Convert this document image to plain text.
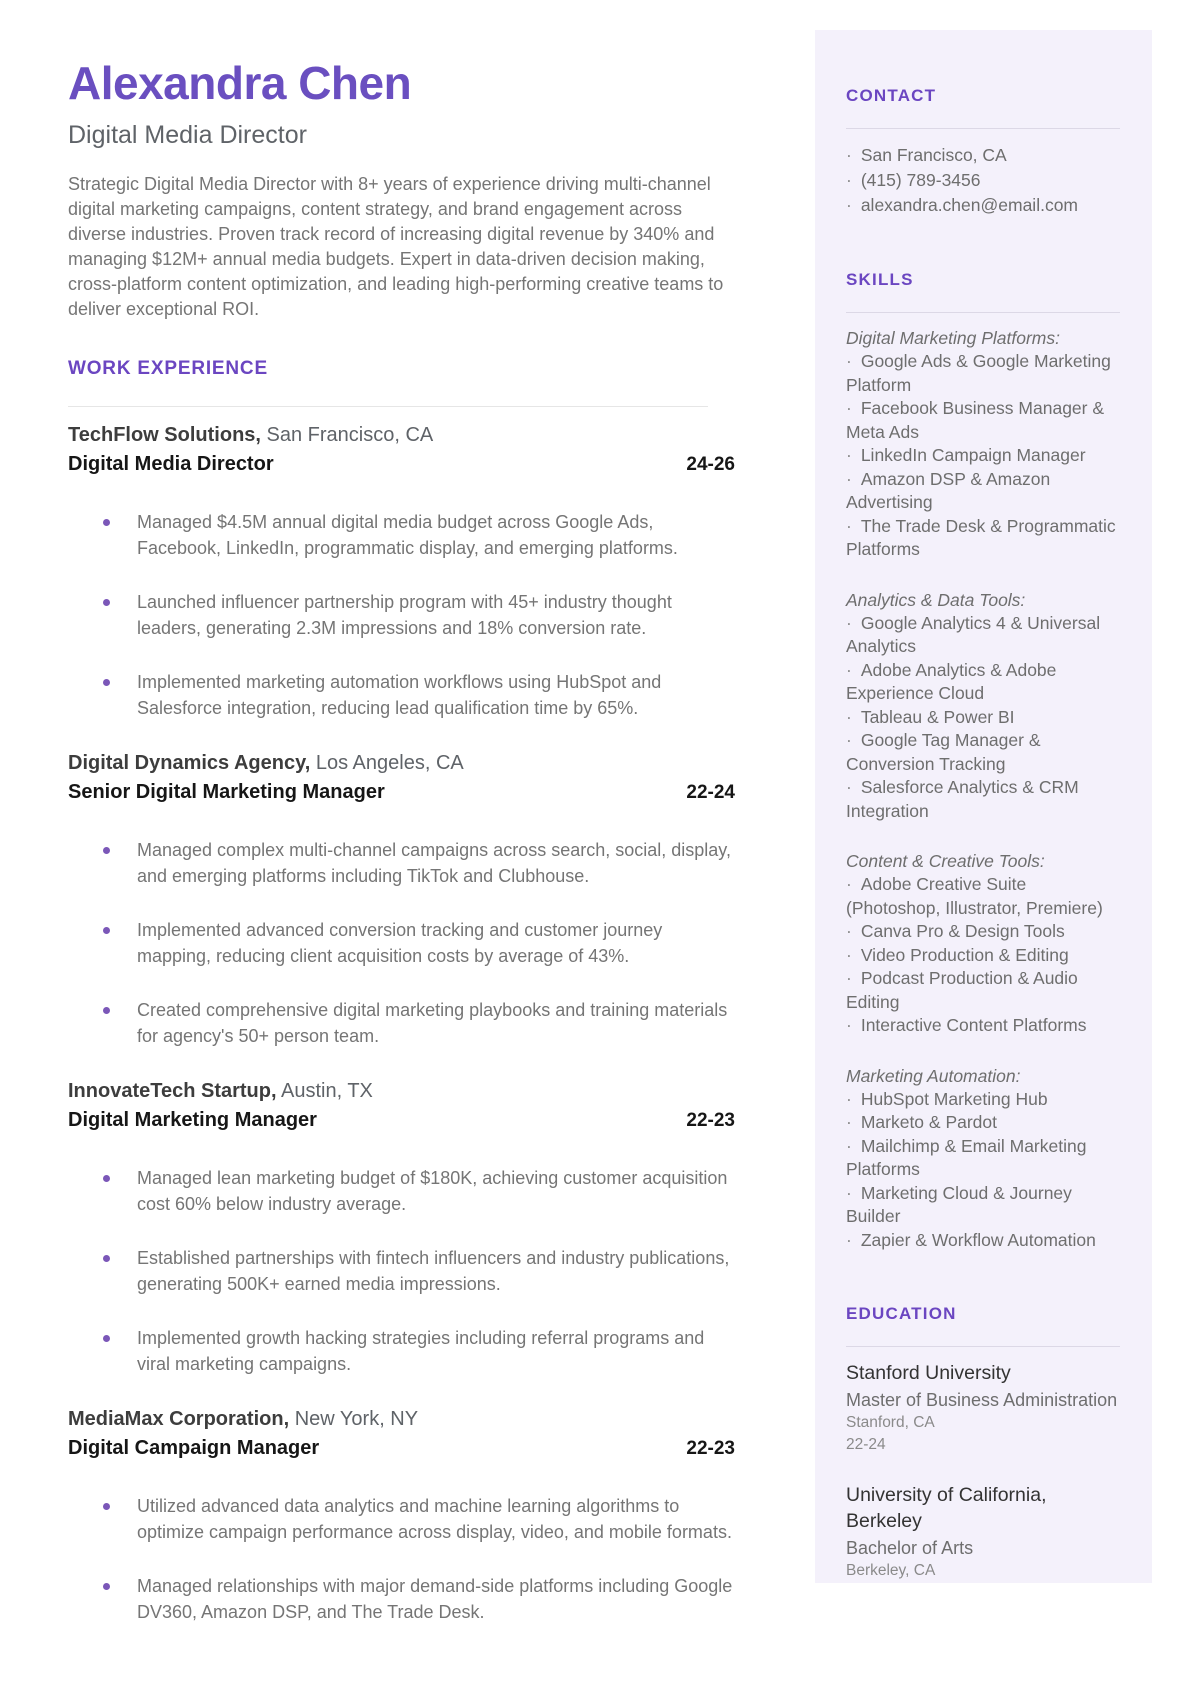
Alexandra Chen
Digital Media Director

Strategic Digital Media Director with 8+ years of experience driving multi-channel digital marketing campaigns, content strategy, and brand engagement across diverse industries. Proven track record of increasing digital revenue by 340% and managing $12M+ annual media budgets. Expert in data-driven decision making, cross-platform content optimization, and leading high-performing creative teams to deliver exceptional ROI.

WORK EXPERIENCE
TechFlow Solutions, San Francisco, CA
Digital Media Director	24-26
Managed $4.5M annual digital media budget across Google Ads, Facebook, LinkedIn, programmatic display, and emerging platforms.
Launched influencer partnership program with 45+ industry thought leaders, generating 2.3M impressions and 18% conversion rate.
Implemented marketing automation workflows using HubSpot and Salesforce integration, reducing lead qualification time by 65%.
Digital Dynamics Agency, Los Angeles, CA
Senior Digital Marketing Manager	22-24
Managed complex multi-channel campaigns across search, social, display, and emerging platforms including TikTok and Clubhouse.
Implemented advanced conversion tracking and customer journey mapping, reducing client acquisition costs by average of 43%.
Created comprehensive digital marketing playbooks and training materials for agency's 50+ person team.
InnovateTech Startup, Austin, TX
Digital Marketing Manager	22-23
Managed lean marketing budget of $180K, achieving customer acquisition cost 60% below industry average.
Established partnerships with fintech influencers and industry publications, generating 500K+ earned media impressions.
Implemented growth hacking strategies including referral programs and viral marketing campaigns.
MediaMax Corporation, New York, NY
Digital Campaign Manager	22-23
Utilized advanced data analytics and machine learning algorithms to optimize campaign performance across display, video, and mobile formats.
Managed relationships with major demand-side platforms including Google DV360, Amazon DSP, and The Trade Desk.
CONTACT
· San Francisco, CA
· (415) 789-3456
· alexandra.chen@email.com
SKILLS
Digital Marketing Platforms:
· Google Ads & Google Marketing Platform
· Facebook Business Manager & Meta Ads
· LinkedIn Campaign Manager
· Amazon DSP & Amazon Advertising
· The Trade Desk & Programmatic Platforms
Analytics & Data Tools:
· Google Analytics 4 & Universal Analytics
· Adobe Analytics & Adobe Experience Cloud
· Tableau & Power BI
· Google Tag Manager & Conversion Tracking
· Salesforce Analytics & CRM Integration
Content & Creative Tools:
· Adobe Creative Suite (Photoshop, Illustrator, Premiere)
· Canva Pro & Design Tools
· Video Production & Editing
· Podcast Production & Audio Editing
· Interactive Content Platforms
Marketing Automation:
· HubSpot Marketing Hub
· Marketo & Pardot
· Mailchimp & Email Marketing Platforms
· Marketing Cloud & Journey Builder
· Zapier & Workflow Automation
EDUCATION
Stanford University
Master of Business Administration
Stanford, CA
22-24
University of California, Berkeley
Bachelor of Arts
Berkeley, CA
